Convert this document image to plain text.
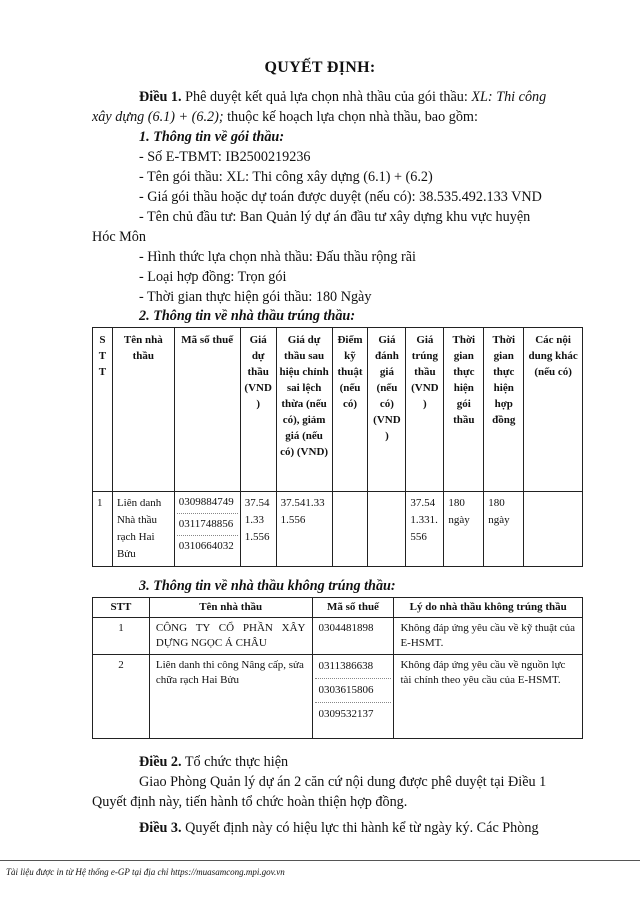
QUYẾT ĐỊNH:
Điều 1. Phê duyệt kết quả lựa chọn nhà thầu của gói thầu: XL: Thi công
xây dựng (6.1) + (6.2); thuộc kế hoạch lựa chọn nhà thầu, bao gồm:
1. Thông tin về gói thầu:
- Số E-TBMT: IB2500219236
- Tên gói thầu: XL: Thi công xây dựng (6.1) + (6.2)
- Giá gói thầu hoặc dự toán được duyệt (nếu có): 38.535.492.133 VND
- Tên chủ đầu tư: Ban Quản lý dự án đầu tư xây dựng khu vực huyện
Hóc Môn
- Hình thức lựa chọn nhà thầu: Đấu thầu rộng rãi
- Loại hợp đồng: Trọn gói
- Thời gian thực hiện gói thầu: 180 Ngày
2. Thông tin về nhà thầu trúng thầu:
S T T	Tên nhà thầu	Mã số thuế	Giá dự thầu (VND )	Giá dự thầu sau hiệu chỉnh sai lệch thừa (nếu có), giảm giá (nếu có) (VND)	Điểm kỹ thuật (nếu có)	Giá đánh giá (nếu có) (VND )	Giá trúng thầu (VND )	Thời gian thực hiện gói thầu	Thời gian thực hiện hợp đồng	Các nội dung khác (nếu có)
1	Liên danh Nhà thầu rạch Hai Bửu	0309884749
0311748856
0310664032	37.541.331.556	37.541.331.556			37.541.331.556	180 ngày	180 ngày	
3. Thông tin về nhà thầu không trúng thầu:
STT	Tên nhà thầu	Mã số thuế	Lý do nhà thầu không trúng thầu
1	CÔNG TY CỔ PHẦN XÂY DỰNG NGỌC Á CHÂU	0304481898	Không đáp ứng yêu cầu về kỹ thuật của E-HSMT.
2	Liên danh thi công Nâng cấp, sửa chữa rạch Hai Bửu	0311386638
0303615806
0309532137	Không đáp ứng yêu cầu về nguồn lực tài chính theo yêu cầu của E-HSMT.
Điều 2. Tổ chức thực hiện
Giao Phòng Quản lý dự án 2 căn cứ nội dung được phê duyệt tại Điều 1
Quyết định này, tiến hành tổ chức hoàn thiện hợp đồng.
Điều 3. Quyết định này có hiệu lực thi hành kể từ ngày ký. Các Phòng
Tài liệu được in từ Hệ thống e-GP tại địa chỉ https://muasamcong.mpi.gov.vn
